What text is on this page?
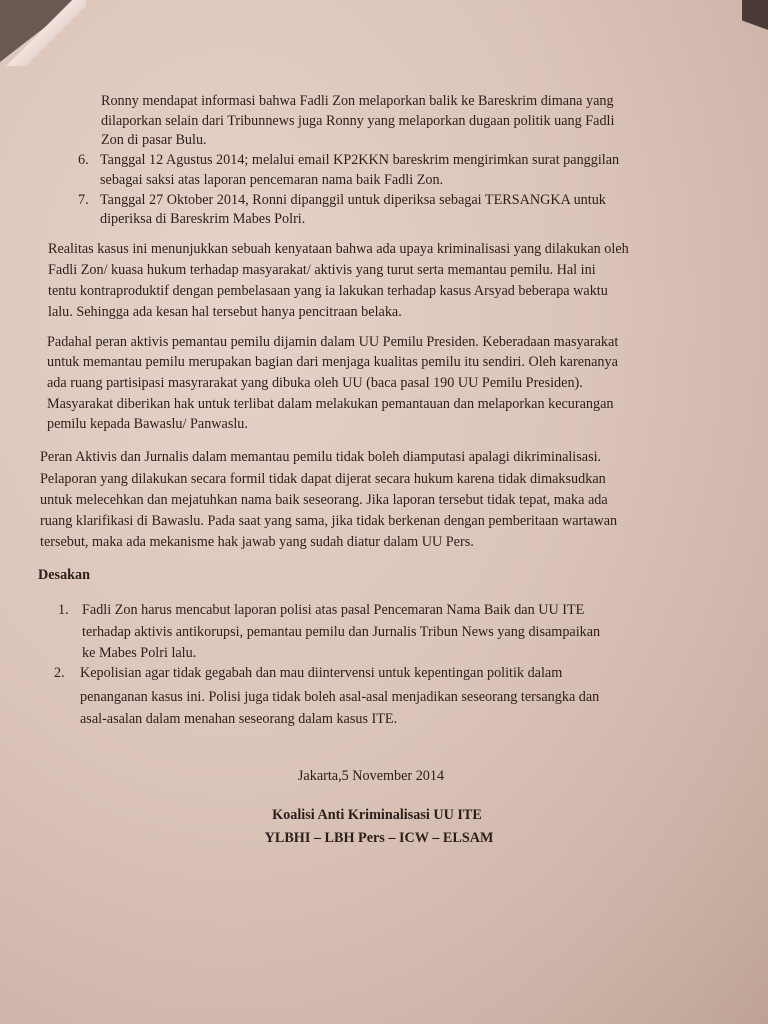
Ronny mendapat informasi bahwa Fadli Zon melaporkan balik ke Bareskrim dimana yang
dilaporkan selain dari Tribunnews juga Ronny yang melaporkan dugaan politik uang Fadli
Zon di pasar Bulu.
6. Tanggal 12 Agustus 2014; melalui email KP2KKN bareskrim mengirimkan surat panggilan
sebagai saksi atas laporan pencemaran nama baik Fadli Zon.
7. Tanggal 27 Oktober 2014, Ronni dipanggil untuk diperiksa sebagai TERSANGKA untuk
diperiksa di Bareskrim Mabes Polri.
Realitas kasus ini menunjukkan sebuah kenyataan bahwa ada upaya kriminalisasi yang dilakukan oleh
Fadli Zon/ kuasa hukum terhadap masyarakat/ aktivis yang turut serta memantau pemilu. Hal ini
tentu kontraproduktif dengan pembelasaan yang ia lakukan terhadap kasus Arsyad beberapa waktu
lalu. Sehingga ada kesan hal tersebut hanya pencitraan belaka.
Padahal peran aktivis pemantau pemilu dijamin dalam UU Pemilu Presiden. Keberadaan masyarakat
untuk memantau pemilu merupakan bagian dari menjaga kualitas pemilu itu sendiri. Oleh karenanya
ada ruang partisipasi masyrarakat yang dibuka oleh UU (baca pasal 190 UU Pemilu Presiden).
Masyarakat diberikan hak untuk terlibat dalam melakukan pemantauan dan melaporkan kecurangan
pemilu kepada Bawaslu/ Panwaslu.
Peran Aktivis dan Jurnalis dalam memantau pemilu tidak boleh diamputasi apalagi dikriminalisasi.
Pelaporan yang dilakukan secara formil tidak dapat dijerat secara hukum karena tidak dimaksudkan
untuk melecehkan dan mejatuhkan nama baik seseorang. Jika laporan tersebut tidak tepat, maka ada
ruang klarifikasi di Bawaslu. Pada saat yang sama, jika tidak berkenan dengan pemberitaan wartawan
tersebut, maka ada mekanisme hak jawab yang sudah diatur dalam UU Pers.
Desakan
1. Fadli Zon harus mencabut laporan polisi atas pasal Pencemaran Nama Baik dan UU ITE
terhadap aktivis antikorupsi, pemantau pemilu dan Jurnalis Tribun News yang disampaikan
ke Mabes Polri lalu.
2. Kepolisian agar tidak gegabah dan mau diintervensi untuk kepentingan politik dalam
penanganan kasus ini. Polisi juga tidak boleh asal-asal menjadikan seseorang tersangka dan
asal-asalan dalam menahan seseorang dalam kasus ITE.
Jakarta,5 November 2014
Koalisi Anti Kriminalisasi UU ITE
YLBHI – LBH Pers – ICW – ELSAM
